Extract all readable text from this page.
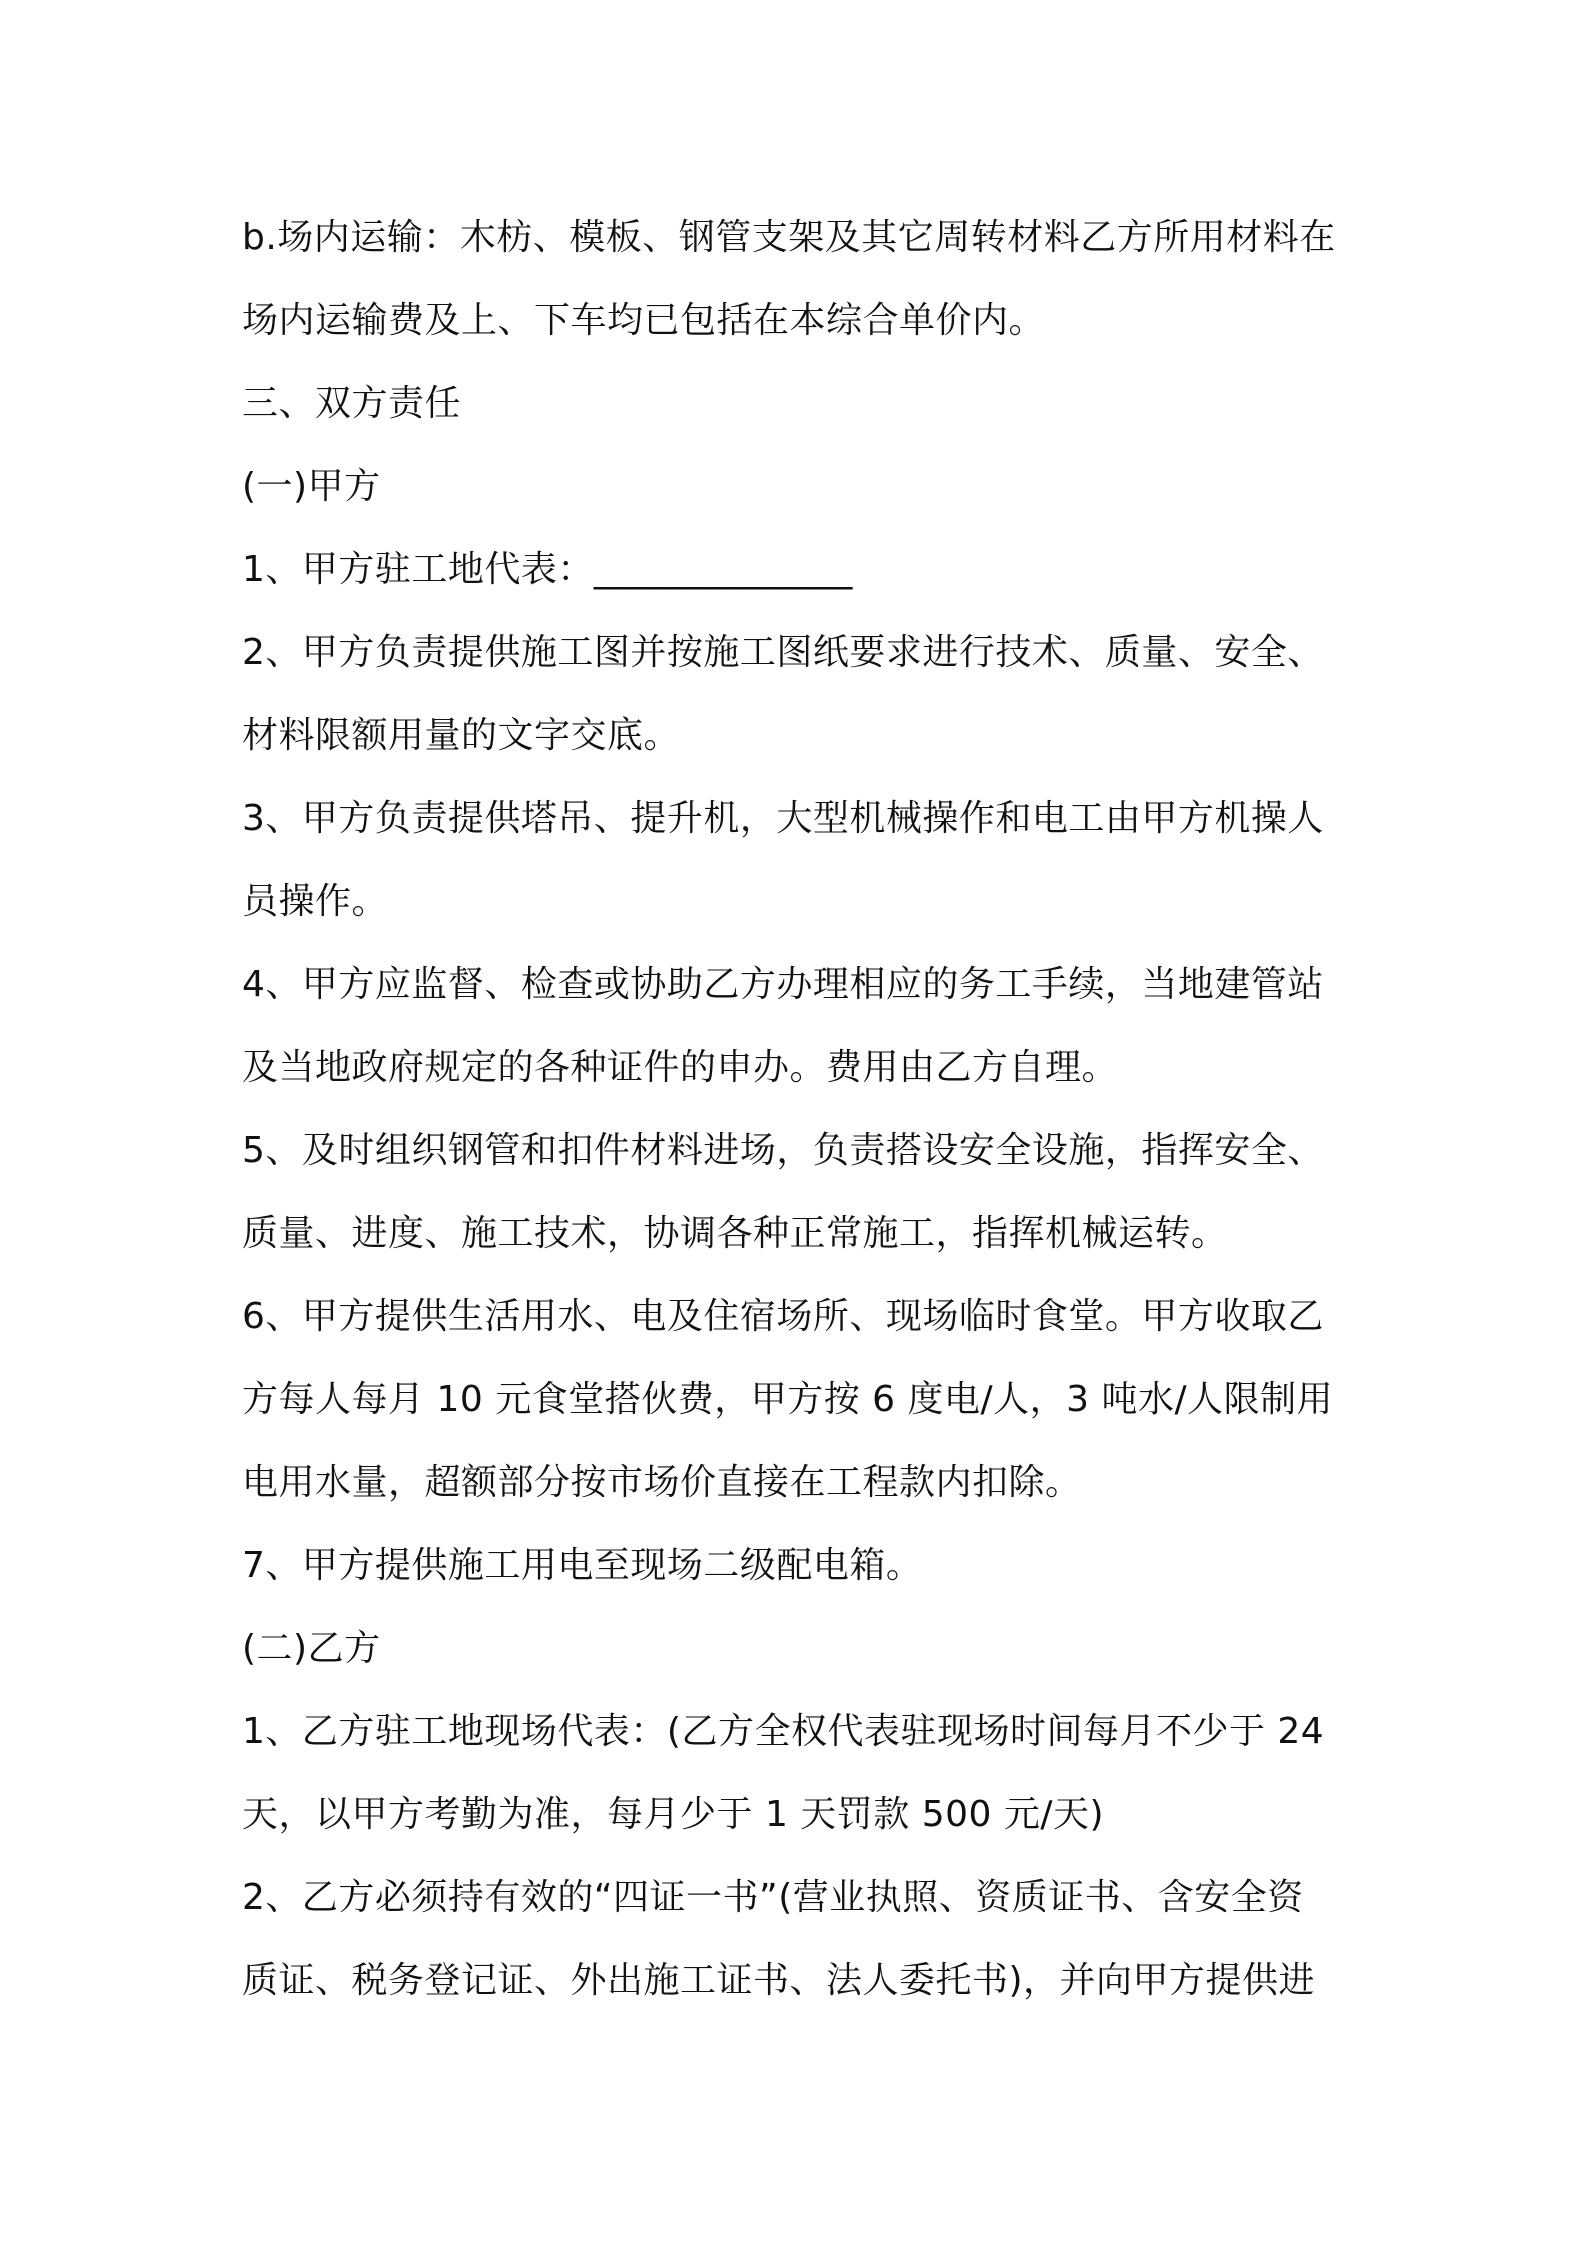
b.场内运输：木枋、模板、钢管支架及其它周转材料乙方所用材料在
场内运输费及上、下车均已包括在本综合单价内。
三、双方责任
(一)甲方
1、甲方驻工地代表：______________
2、甲方负责提供施工图并按施工图纸要求进行技术、质量、安全、
材料限额用量的文字交底。
3、甲方负责提供塔吊、提升机，大型机械操作和电工由甲方机操人
员操作。
4、甲方应监督、检查或协助乙方办理相应的务工手续，当地建管站
及当地政府规定的各种证件的申办。费用由乙方自理。
5、及时组织钢管和扣件材料进场，负责搭设安全设施，指挥安全、
质量、进度、施工技术，协调各种正常施工，指挥机械运转。
6、甲方提供生活用水、电及住宿场所、现场临时食堂。甲方收取乙
方每人每月 10 元食堂搭伙费，甲方按 6 度电/人，3 吨水/人限制用
电用水量，超额部分按市场价直接在工程款内扣除。
7、甲方提供施工用电至现场二级配电箱。
(二)乙方
1、乙方驻工地现场代表：(乙方全权代表驻现场时间每月不少于 24
天，以甲方考勤为准，每月少于 1 天罚款 500 元/天)
2、乙方必须持有效的“四证一书”(营业执照、资质证书、含安全资
质证、税务登记证、外出施工证书、法人委托书)，并向甲方提供进
